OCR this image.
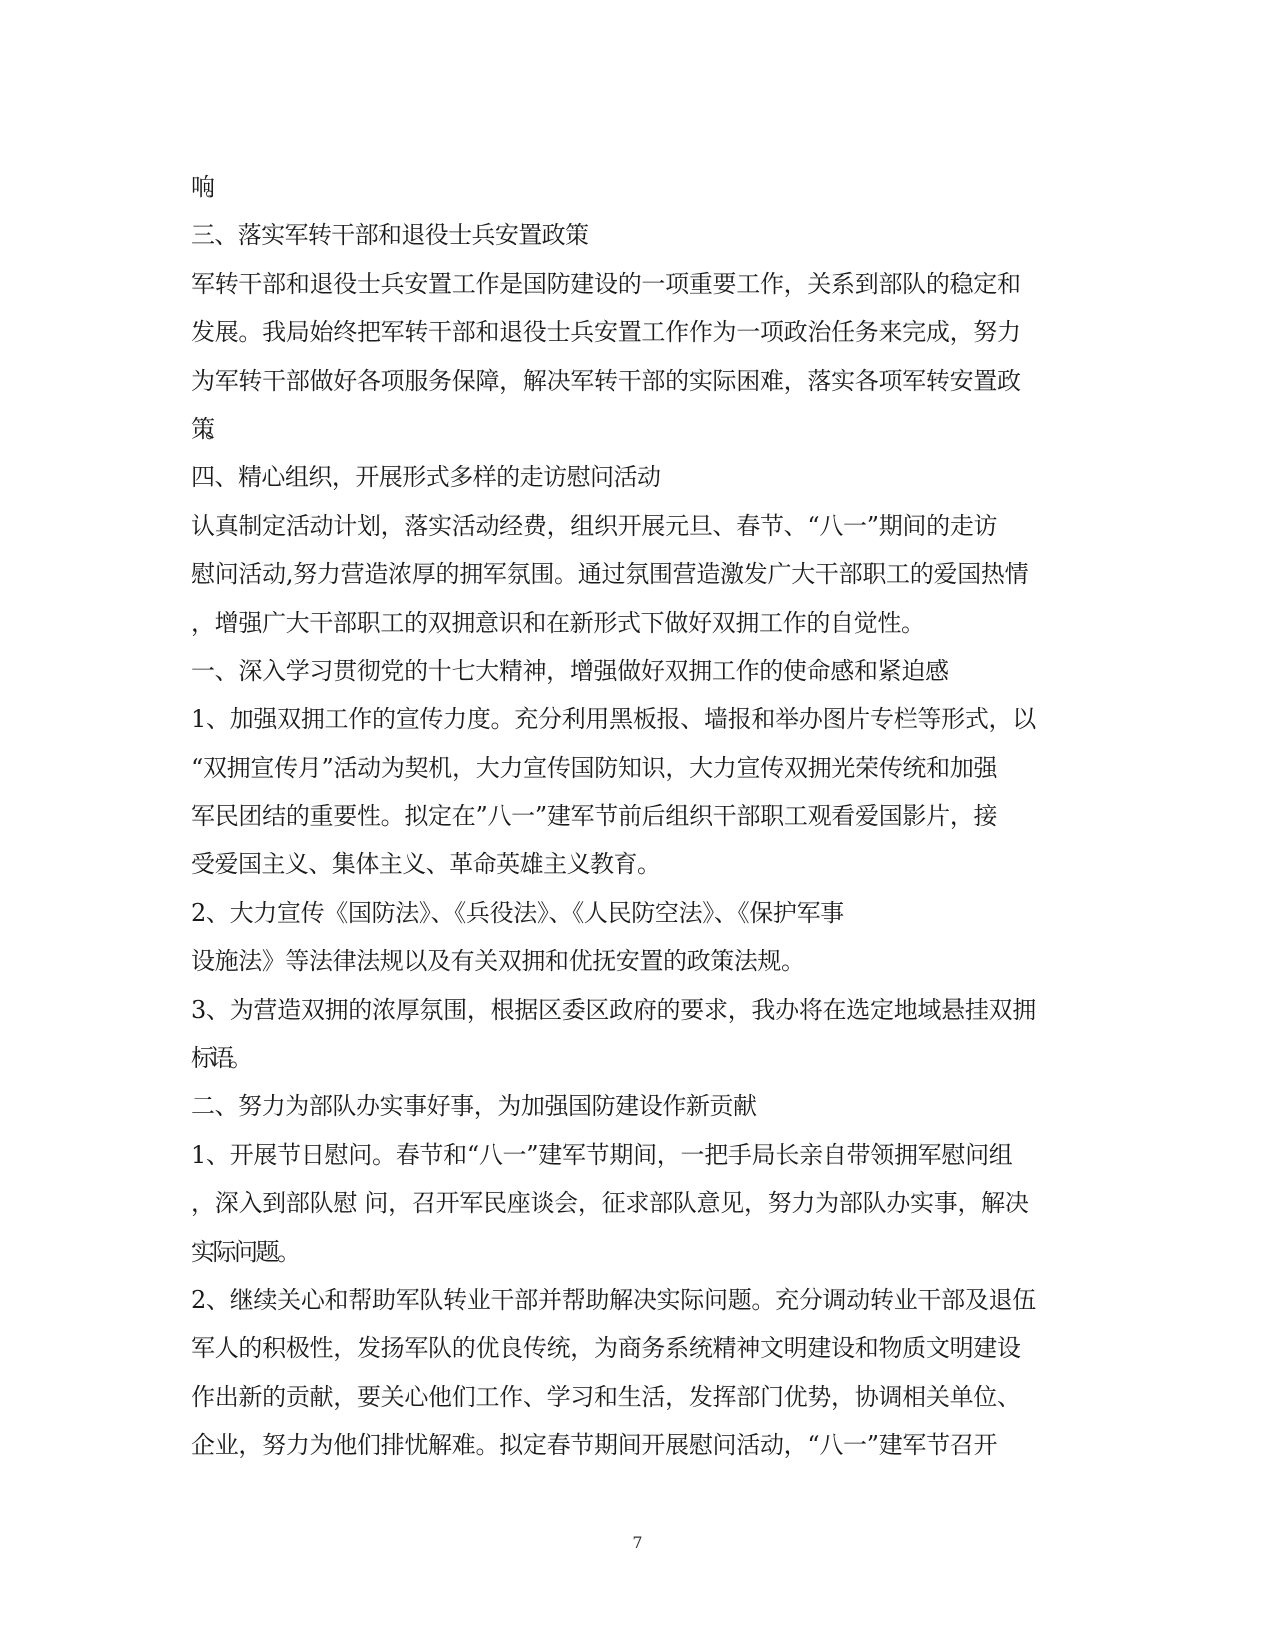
响。
三、落实军转干部和退役士兵安置政策
军转干部和退役士兵安置工作是国防建设的一项重要工作，关系到部队的稳定和
发展。我局始终把军转干部和退役士兵安置工作作为一项政治任务来完成，努力
为军转干部做好各项服务保障，解决军转干部的实际困难，落实各项军转安置政
策。
四、精心组织，开展形式多样的走访慰问活动
认真制定活动计划，落实活动经费，组织开展元旦、春节、“八一”期间的走访
慰问活动,努力营造浓厚的拥军氛围。通过氛围营造激发广大干部职工的爱国热情
，增强广大干部职工的双拥意识和在新形式下做好双拥工作的自觉性。
一、深入学习贯彻党的十七大精神，增强做好双拥工作的使命感和紧迫感
1、加强双拥工作的宣传力度。充分利用黑板报、墙报和举办图片专栏等形式，以
“双拥宣传月”活动为契机，大力宣传国防知识，大力宣传双拥光荣传统和加强
军民团结的重要性。拟定在”八一”建军节前后组织干部职工观看爱国影片，接
受爱国主义、集体主义、革命英雄主义教育。
2、大力宣传《国防法》、《兵役法》、《人民防空法》、《保护军事
设施法》等法律法规以及有关双拥和优抚安置的政策法规。
3、为营造双拥的浓厚氛围，根据区委区政府的要求，我办将在选定地域悬挂双拥
标语。
二、努力为部队办实事好事，为加强国防建设作新贡献
1、开展节日慰问。春节和“八一”建军节期间，一把手局长亲自带领拥军慰问组
，深入到部队慰 问，召开军民座谈会，征求部队意见，努力为部队办实事，解决
实际问题。
2、继续关心和帮助军队转业干部并帮助解决实际问题。充分调动转业干部及退伍
军人的积极性，发扬军队的优良传统，为商务系统精神文明建设和物质文明建设
作出新的贡献，要关心他们工作、学习和生活，发挥部门优势，协调相关单位、
企业，努力为他们排忧解难。拟定春节期间开展慰问活动，“八一”建军节召开
7
